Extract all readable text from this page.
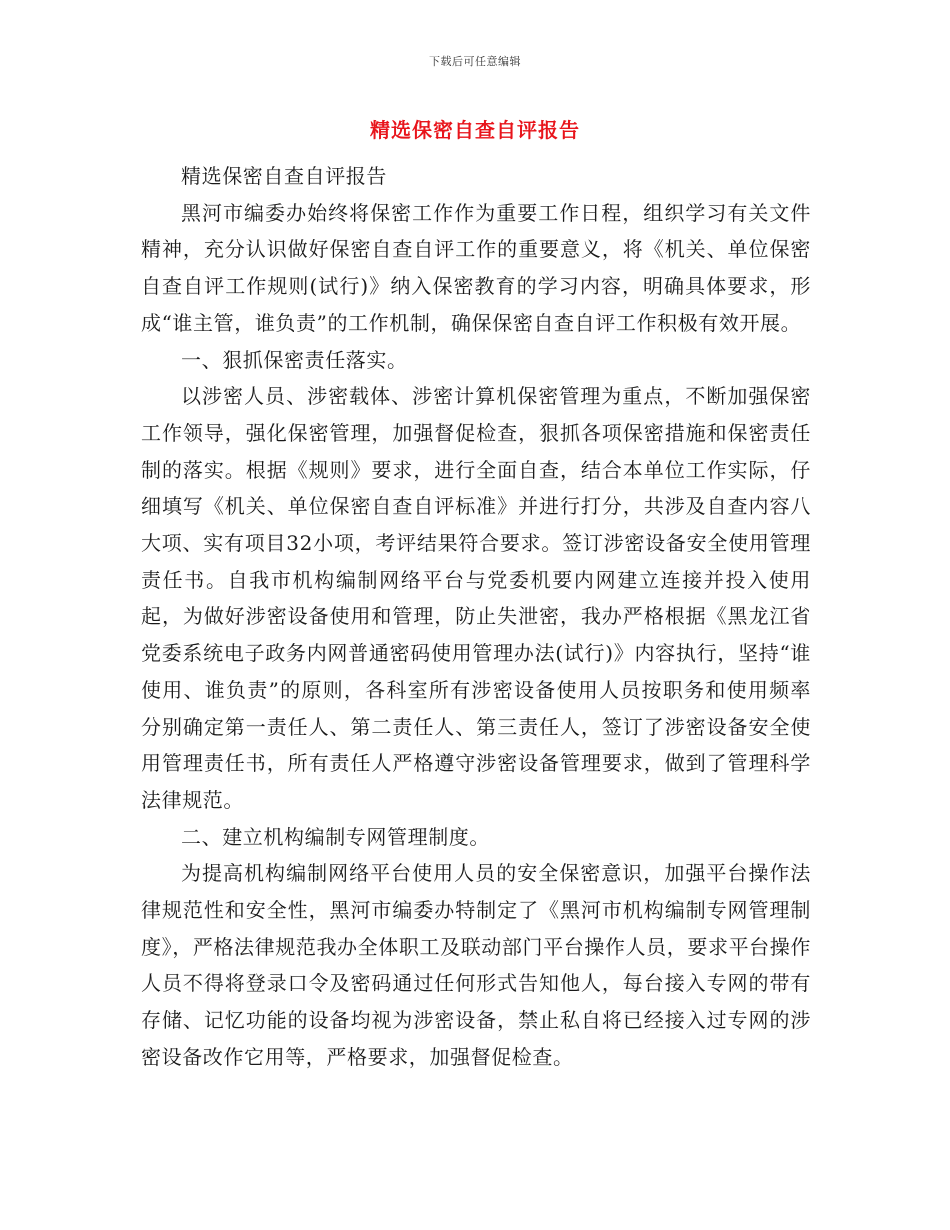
下载后可任意编辑
精选保密自查自评报告

精选保密自查自评报告

黑河市编委办始终将保密工作作为重要工作日程，组织学习有关文件精神，充分认识做好保密自查自评工作的重要意义，将《机关、单位保密自查自评工作规则(试行)》纳入保密教育的学习内容，明确具体要求，形成“谁主管，谁负责”的工作机制，确保保密自查自评工作积极有效开展。

一、狠抓保密责任落实。

以涉密人员、涉密载体、涉密计算机保密管理为重点，不断加强保密工作领导，强化保密管理，加强督促检查，狠抓各项保密措施和保密责任制的落实。根据《规则》要求，进行全面自查，结合本单位工作实际，仔细填写《机关、单位保密自查自评标准》并进行打分，共涉及自查内容八大项、实有项目32小项，考评结果符合要求。签订涉密设备安全使用管理责任书。自我市机构编制网络平台与党委机要内网建立连接并投入使用起，为做好涉密设备使用和管理，防止失泄密，我办严格根据《黑龙江省党委系统电子政务内网普通密码使用管理办法(试行)》内容执行，坚持“谁使用、谁负责”的原则，各科室所有涉密设备使用人员按职务和使用频率分别确定第一责任人、第二责任人、第三责任人，签订了涉密设备安全使用管理责任书，所有责任人严格遵守涉密设备管理要求，做到了管理科学法律规范。

二、建立机构编制专网管理制度。

为提高机构编制网络平台使用人员的安全保密意识，加强平台操作法律规范性和安全性，黑河市编委办特制定了《黑河市机构编制专网管理制度》，严格法律规范我办全体职工及联动部门平台操作人员，要求平台操作人员不得将登录口令及密码通过任何形式告知他人，每台接入专网的带有存储、记忆功能的设备均视为涉密设备，禁止私自将已经接入过专网的涉密设备改作它用等，严格要求，加强督促检查。
